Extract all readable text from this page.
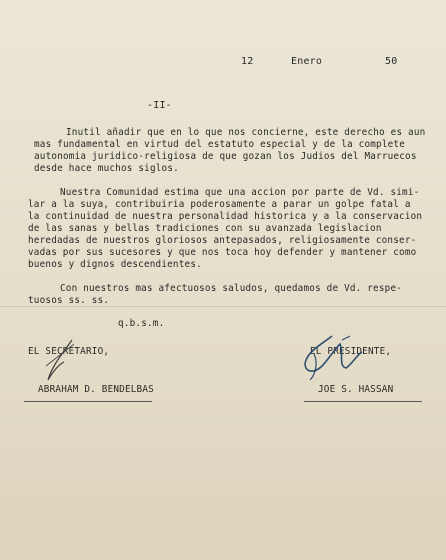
12	Enero	50
-II-
Inutil añadir que en lo que nos concierne, este derecho es aun
mas fundamental en virtud del estatuto especial y de la complete
autonomia juridico-religiosa de que gozan los Judios del Marruecos
desde hace muchos siglos.
Nuestra Comunidad estima que una accion por parte de Vd. simi-
lar a la suya, contribuiria poderosamente a parar un golpe fatal a
la continuidad de nuestra personalidad historica y a la conservacion
de las sanas y bellas tradiciones con su avanzada legislacion
heredadas de nuestros gloriosos antepasados, religiosamente conser-
vadas por sus sucesores y que nos toca hoy defender y mantener como
buenos y dignos descendientes.
Con nuestros mas afectuosos saludos, quedamos de Vd. respe-
tuosos ss. ss.
q.b.s.m.
EL SECRETARIO,
ABRAHAM D. BENDELBAS
EL PRESIDENTE,
JOE S. HASSAN
